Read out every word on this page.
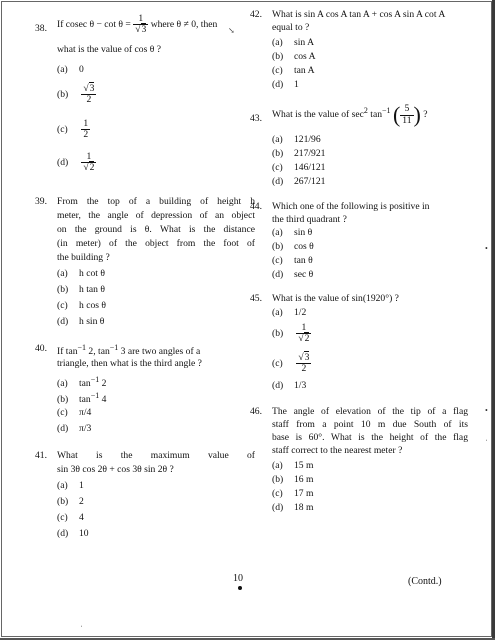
38. If cosec $\theta - \cot \theta = \frac{1}{√3}$ where θ ≠ 0, then
what is the value of cos θ ?
(a) 0
$(b) \frac{√3}{2}$
$(c) \frac{1}{2}$
$(d) \frac{1}{√2}$
39. From the top of a building of height h
meter, the angle of depression of an object
on the ground is θ. What is the distance
(in meter) of the object from the foot of
the building ?
(a) h cot θ
(b) h tan θ
(c) h cos θ
(d) h sin θ
40. If $\tan^{-1} 2$, $\tan^{-1} 3$ are two angles of a
triangle, then what is the third angle ?
(a) $\tan^{-1} 2$
(b) $\tan^{-1} 4$
(c) π/4
(d) π/3
41. What is the maximum value of
sin 3θ cos 2θ + cos 3θ sin 2θ ?
(a) 1
(b) 2
(c) 4
(d) 10
42. What is sin A cos A tan A + cos A sin A cot A
equal to ?
(a) sin A
(b) cos A
(c) tan A
(d) 1
43. What is the value of $\sec^2 \tan^{-1}$ ( $\frac{5}{11}$ ) ?
(a) 121/96
(b) 217/921
(c) 146/121
(d) 267/121
44. Which one of the following is positive in
the third quadrant ?
(a) sin θ
(b) cos θ
(c) tan θ
(d) sec θ
45. What is the value of sin(1920°) ?
(a) 1/2
$(b) \frac{1}{√2}$
$(c) \frac{√3}{2}$
(d) 1/3
46. The angle of elevation of the tip of a flag
staff from a point 10 m due South of its
base is 60°. What is the height of the flag
staff correct to the nearest meter ?
(a) 15 m
(b) 16 m
(c) 17 m
(d) 18 m
10	(Contd.)
↘
•
•
ˌ
ˌ
